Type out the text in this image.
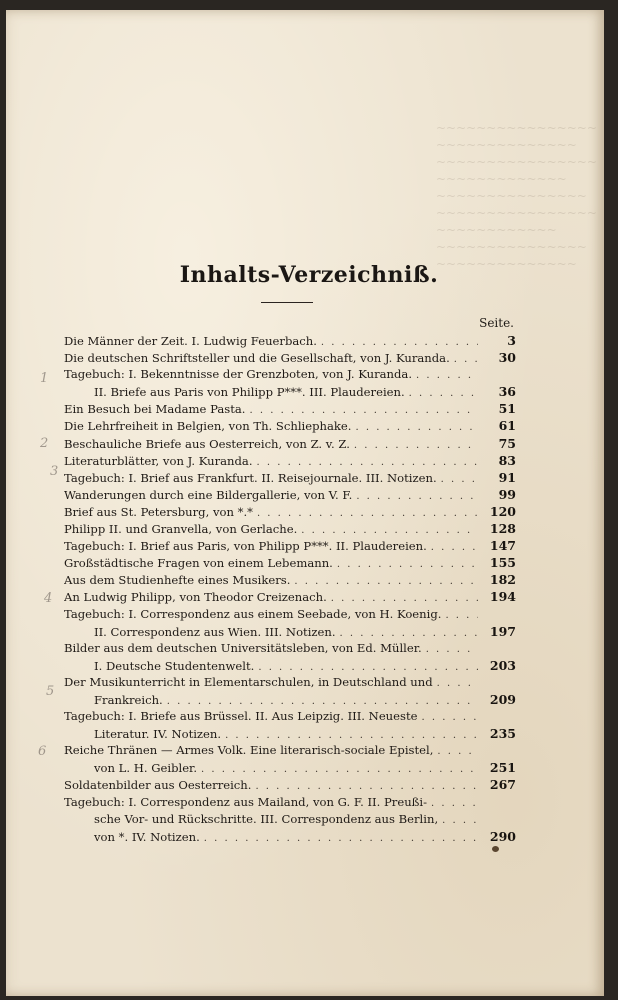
~~~~~~~~~~~~~~~~
~~~~~~~~~~~~~~
~~~~~~~~~~~~~~~~
~~~~~~~~~~~~~
~~~~~~~~~~~~~~~
~~~~~~~~~~~~~~~~
~~~~~~~~~~~~
~~~~~~~~~~~~~~~
~~~~~~~~~~~~~~
Inhalts-Verzeichniß.
Seite.
Die Männer der Zeit. I. Ludwig Feuerbach. . . .	3
Die deutschen Schriftsteller und die Gesellschaft, von J. Kuranda. . . .	30
Tagebuch: I. Bekenntnisse der Grenzboten, von J. Kuranda.
. . .
II. Briefe aus Paris von Philipp P***. III. Plaudereien. . . .	36
Ein Besuch bei Madame Pasta. . . .	51
Die Lehrfreiheit in Belgien, von Th. Schliephake. . . .	61
Beschauliche Briefe aus Oesterreich, von Z. v. Z. . . .	75
Literaturblätter, von J. Kuranda. . . .	83
Tagebuch: I. Brief aus Frankfurt. II. Reisejournale. III. Notizen. . . .	91
Wanderungen durch eine Bildergallerie, von V. F. . . .	99
Brief aus St. Petersburg, von *.* . . .	120
Philipp II. und Granvella, von Gerlache. . . .	128
Tagebuch: I. Brief aus Paris, von Philipp P***. II. Plaudereien. . . .	147
Großstädtische Fragen von einem Lebemann. . . .	155
Aus dem Studienhefte eines Musikers. . . .	182
An Ludwig Philipp, von Theodor Creizenach. . . .	194
Tagebuch: I. Correspondenz aus einem Seebade, von H. Koenig.
. . .
II. Correspondenz aus Wien. III. Notizen. . . .	197
Bilder aus dem deutschen Universitätsleben, von Ed. Müller.
. . .
I. Deutsche Studentenwelt. . . .	203
Der Musikunterricht in Elementarschulen, in Deutschland und
. . .
Frankreich. . . .	209
Tagebuch: I. Briefe aus Brüssel. II. Aus Leipzig. III. Neueste
. . .
Literatur. IV. Notizen. . . .	235
Reiche Thränen — Armes Volk. Eine literarisch-sociale Epistel,
. . .
von L. H. Geibler. . . .	251
Soldatenbilder aus Oesterreich. . . .	267
Tagebuch: I. Correspondenz aus Mailand, von G. F. II. Preußi-
. . .
sche Vor- und Rückschritte. III. Correspondenz aus Berlin,
. . .
von *. IV. Notizen. . . .	290
1
2
3
4
5
6
